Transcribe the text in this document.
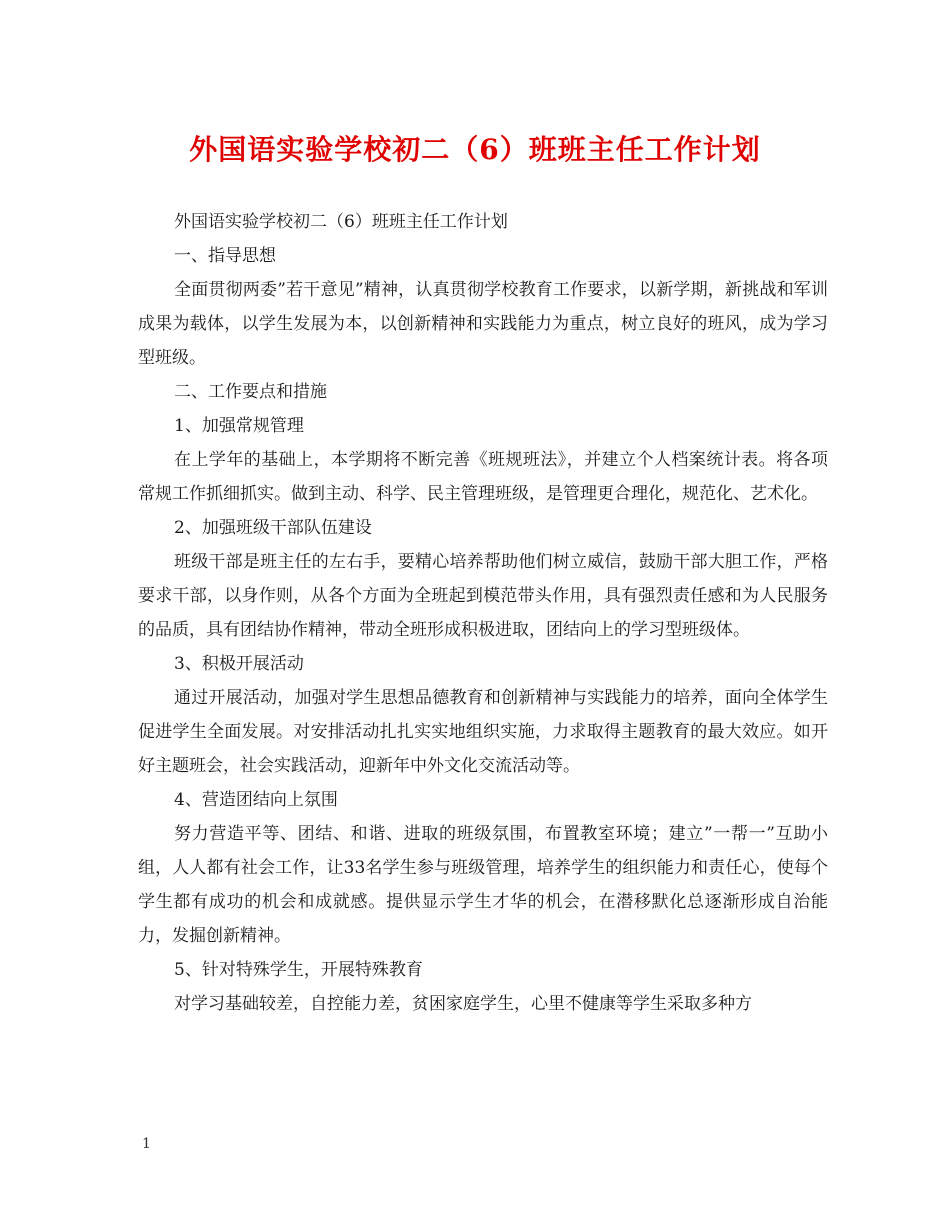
外国语实验学校初二（6）班班主任工作计划

外国语实验学校初二（6）班班主任工作计划

一、指导思想

全面贯彻两委”若干意见”精神，认真贯彻学校教育工作要求，以新学期，新挑战和军训成果为载体，以学生发展为本，以创新精神和实践能力为重点，树立良好的班风，成为学习型班级。

二、工作要点和措施

1、加强常规管理

在上学年的基础上，本学期将不断完善《班规班法》，并建立个人档案统计表。将各项常规工作抓细抓实。做到主动、科学、民主管理班级，是管理更合理化，规范化、艺术化。

2、加强班级干部队伍建设

班级干部是班主任的左右手，要精心培养帮助他们树立威信，鼓励干部大胆工作，严格要求干部，以身作则，从各个方面为全班起到模范带头作用，具有强烈责任感和为人民服务的品质，具有团结协作精神，带动全班形成积极进取，团结向上的学习型班级体。

3、积极开展活动

通过开展活动，加强对学生思想品德教育和创新精神与实践能力的培养，面向全体学生促进学生全面发展。对安排活动扎扎实实地组织实施，力求取得主题教育的最大效应。如开好主题班会，社会实践活动，迎新年中外文化交流活动等。

4、营造团结向上氛围

努力营造平等、团结、和谐、进取的班级氛围，布置教室环境；建立”一帮一”互助小组，人人都有社会工作，让33名学生参与班级管理，培养学生的组织能力和责任心，使每个学生都有成功的机会和成就感。提供显示学生才华的机会，在潜移默化总逐渐形成自治能力，发掘创新精神。

5、针对特殊学生，开展特殊教育

对学习基础较差，自控能力差，贫困家庭学生，心里不健康等学生采取多种方

1
